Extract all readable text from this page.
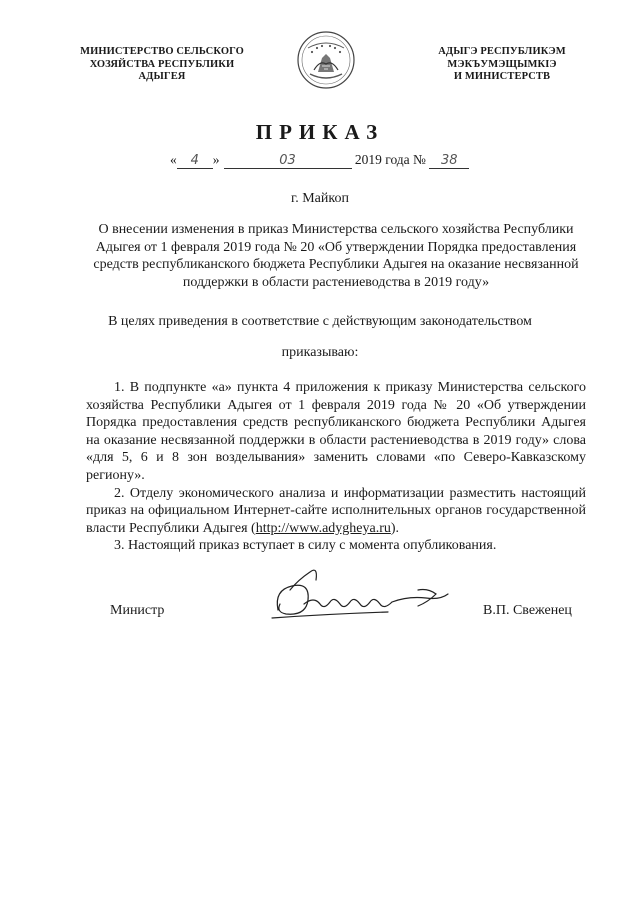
МИНИСТЕРСТВО СЕЛЬСКОГО
ХОЗЯЙСТВА РЕСПУБЛИКИ
АДЫГЕЯ
АДЫГЭ РЕСПУБЛИКЭМ
МЭКЪУМЭЩЫМКІЭ
И МИНИСТЕРСТВ
ПРИКАЗ
« 4 »	03	2019 года № 38
г. Майкоп
О внесении изменения в приказ Министерства сельского хозяйства Республики Адыгея от 1 февраля 2019 года № 20 «Об утверждении Порядка предоставления средств республиканского бюджета Республики Адыгея на оказание несвязанной поддержки в области растениеводства в 2019 году»
В целях приведения в соответствие с действующим законодательством
приказываю:

1. В подпункте «а» пункта 4 приложения к приказу Министерства сельского хозяйства Республики Адыгея от 1 февраля 2019 года № 20 «Об утверждении Порядка предоставления средств республиканского бюджета Республики Адыгея на оказание несвязанной поддержки в области растениеводства в 2019 году» слова «для 5, 6 и 8 зон возделывания» заменить словами «по Северо-Кавказскому региону».

2. Отделу экономического анализа и информатизации разместить настоящий приказ на официальном Интернет-сайте исполнительных органов государственной власти Республики Адыгея (http://www.adygheya.ru).

3. Настоящий приказ вступает в силу с момента опубликования.

Министр	В.П. Свеженец
